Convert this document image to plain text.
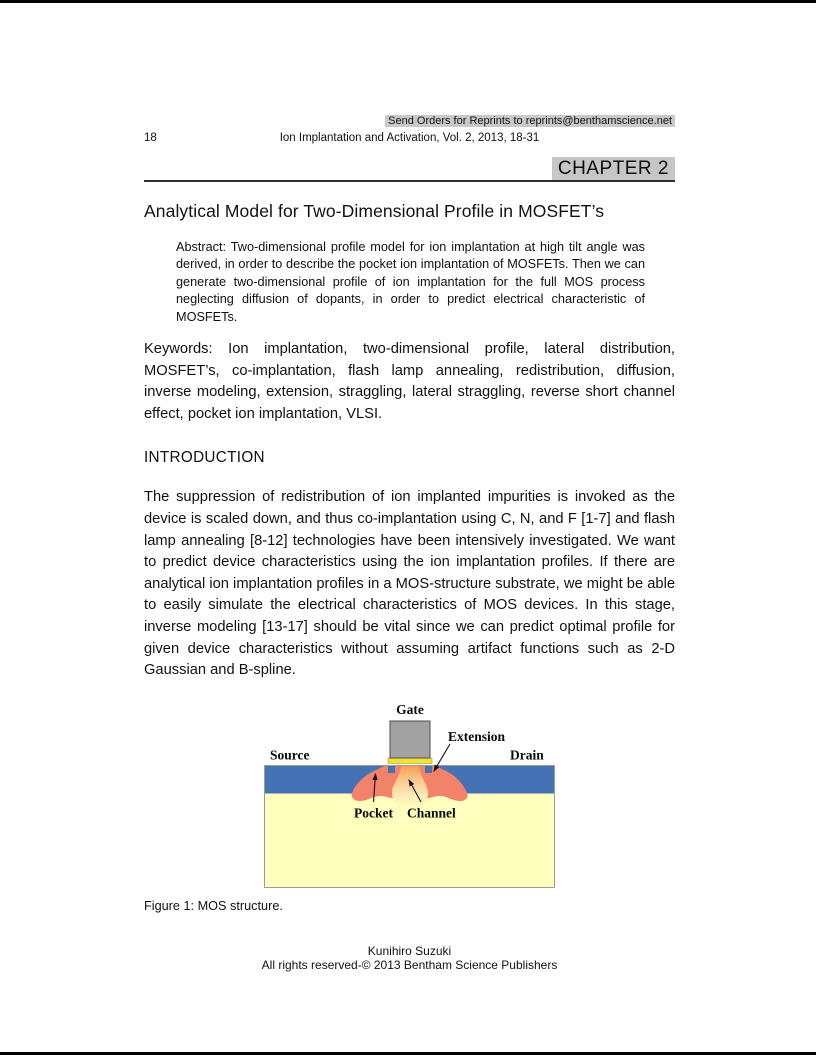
Send Orders for Reprints to reprints@benthamscience.net
18	Ion Implantation and Activation, Vol. 2, 2013, 18-31
CHAPTER 2
Analytical Model for Two-Dimensional Profile in MOSFET’s

Abstract: Two-dimensional profile model for ion implantation at high tilt angle was derived, in order to describe the pocket ion implantation of MOSFETs. Then we can generate two-dimensional profile of ion implantation for the full MOS process neglecting diffusion of dopants, in order to predict electrical characteristic of MOSFETs.

Keywords: Ion implantation, two-dimensional profile, lateral distribution, MOSFET’s, co-implantation, flash lamp annealing, redistribution, diffusion, inverse modeling, extension, straggling, lateral straggling, reverse short channel effect, pocket ion implantation, VLSI.

INTRODUCTION

The suppression of redistribution of ion implanted impurities is invoked as the device is scaled down, and thus co-implantation using C, N, and F [1-7] and flash lamp annealing [8-12] technologies have been intensively investigated. We want to predict device characteristics using the ion implantation profiles. If there are analytical ion implantation profiles in a MOS-structure substrate, we might be able to easily simulate the electrical characteristics of MOS devices. In this stage, inverse modeling [13-17] should be vital since we can predict optimal profile for given device characteristics without assuming artifact functions such as 2-D Gaussian and B-spline.

Gate
Extension
Source	Drain
Pocket Channel
Figure 1: MOS structure.
Kunihiro Suzuki
All rights reserved-© 2013 Bentham Science Publishers
